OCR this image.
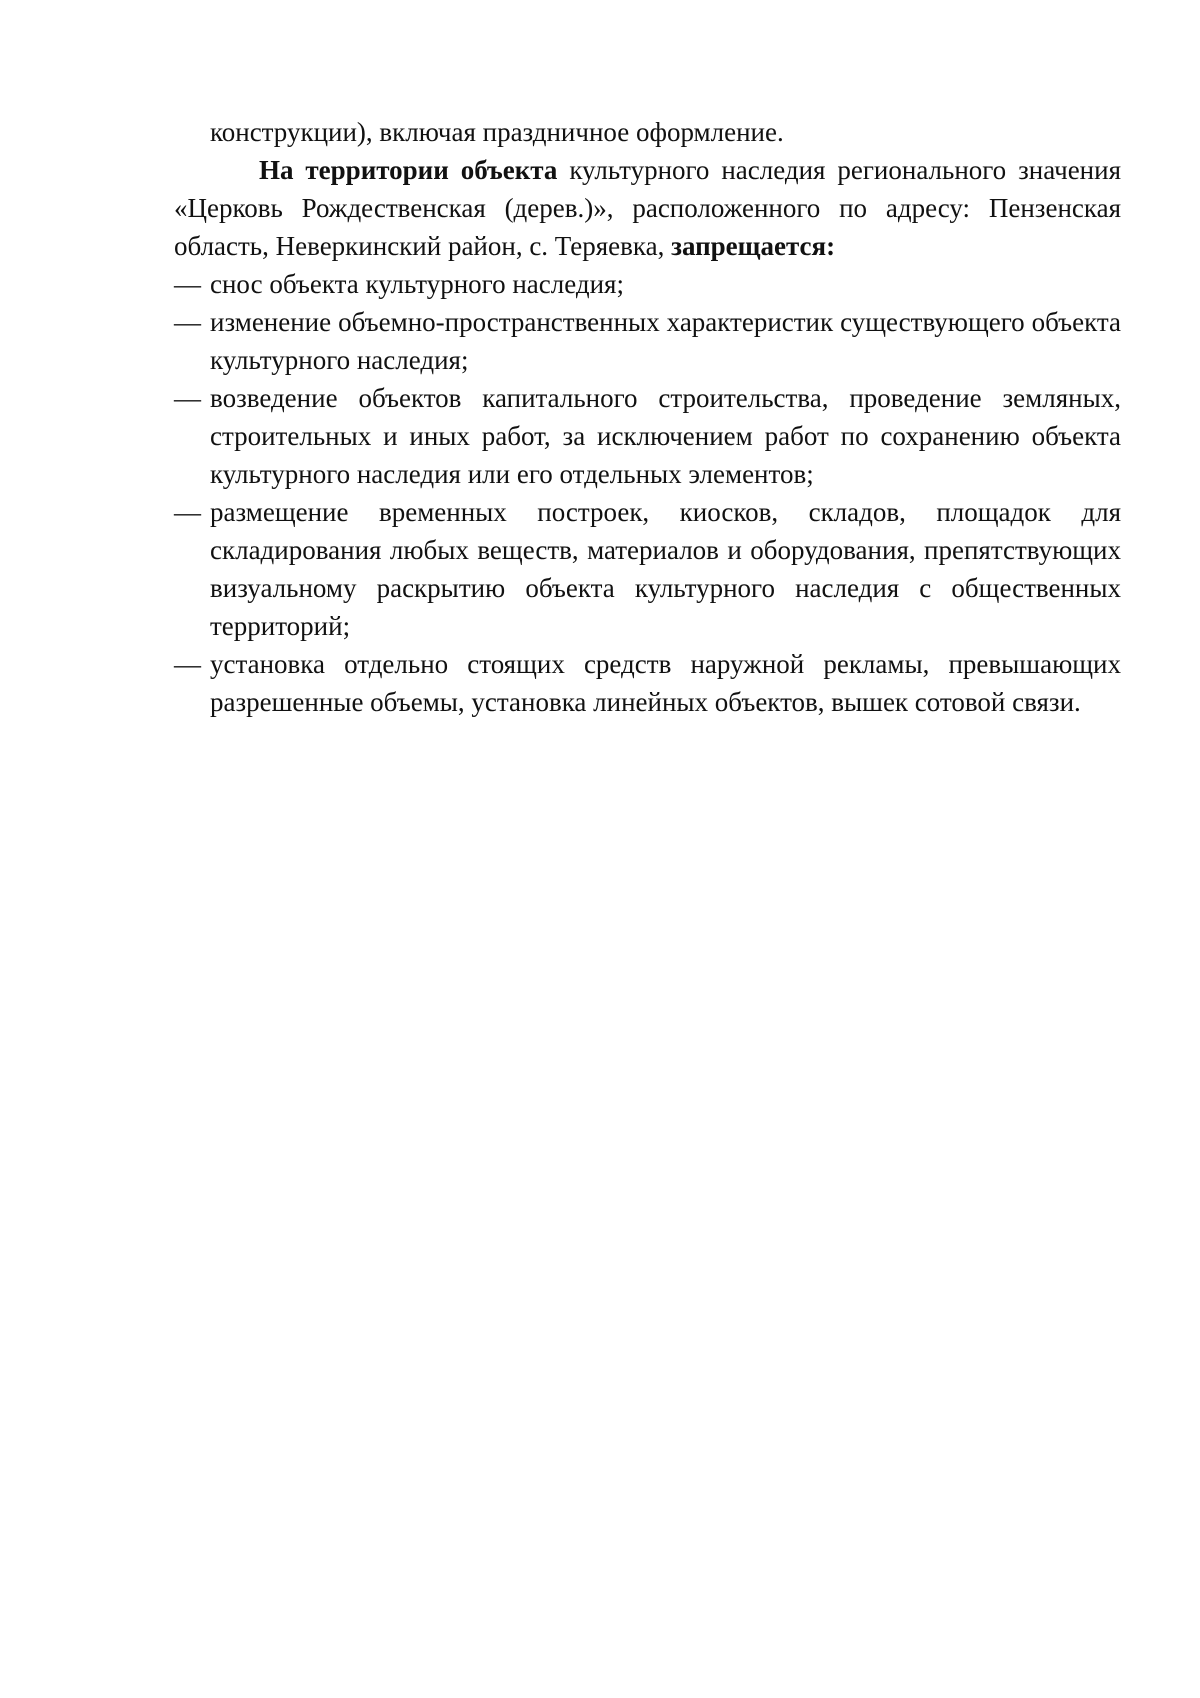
конструкции), включая праздничное оформление.

На территории объекта культурного наследия регионального значения «Церковь Рождественская (дерев.)», расположенного по адресу: Пензенская область, Неверкинский район, с. Теряевка, запрещается:

— снос объекта культурного наследия;
— изменение объемно-пространственных характеристик существующего объекта культурного наследия;
— возведение объектов капитального строительства, проведение земляных, строительных и иных работ, за исключением работ по сохранению объекта культурного наследия или его отдельных элементов;
— размещение временных построек, киосков, складов, площадок для складирования любых веществ, материалов и оборудования, препятствующих визуальному раскрытию объекта культурного наследия с общественных территорий;
— установка отдельно стоящих средств наружной рекламы, превышающих разрешенные объемы, установка линейных объектов, вышек сотовой связи.
